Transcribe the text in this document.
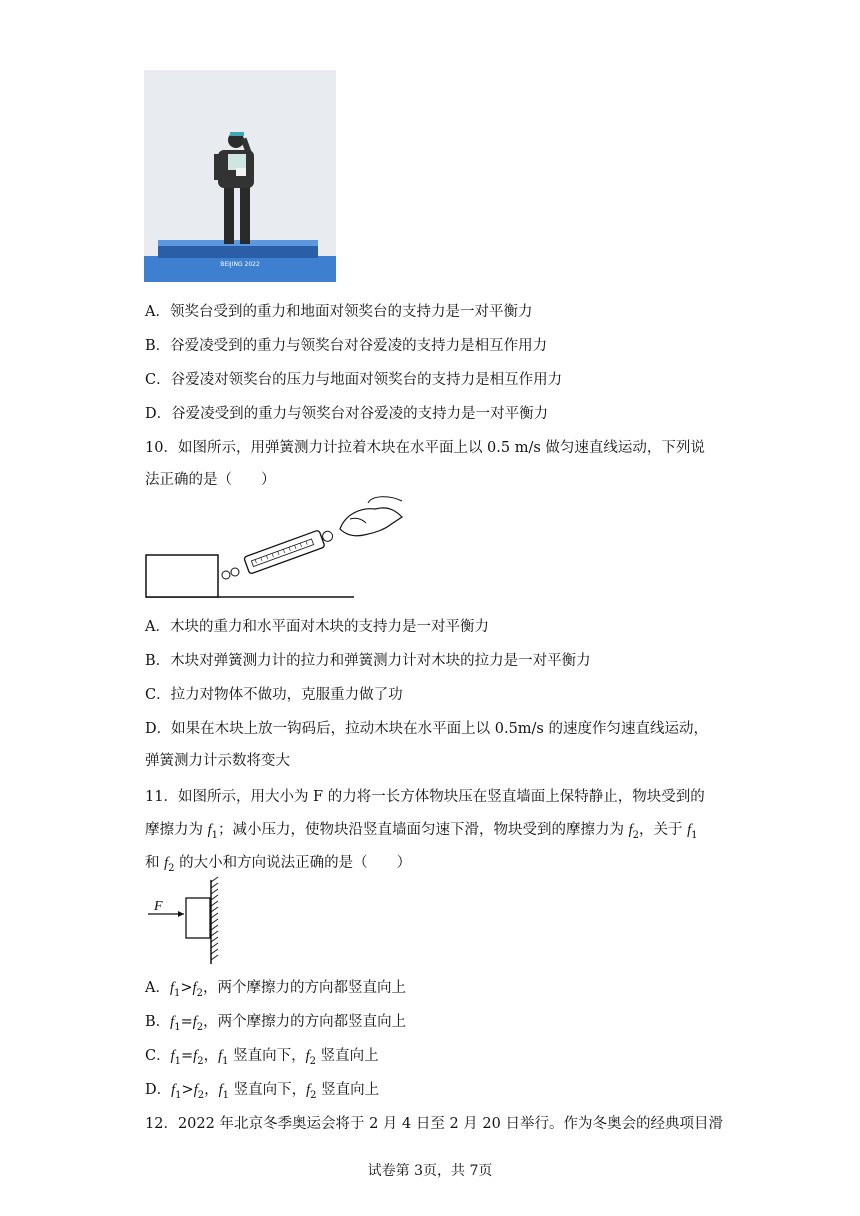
BEIJING 2022
A．领奖台受到的重力和地面对领奖台的支持力是一对平衡力
B．谷爱凌受到的重力与领奖台对谷爱凌的支持力是相互作用力
C．谷爱凌对领奖台的压力与地面对领奖台的支持力是相互作用力
D．谷爱凌受到的重力与领奖台对谷爱凌的支持力是一对平衡力
10．如图所示，用弹簧测力计拉着木块在水平面上以 0.5 m/s 做匀速直线运动，下列说
法正确的是（　　）
A．木块的重力和水平面对木块的支持力是一对平衡力
B．木块对弹簧测力计的拉力和弹簧测力计对木块的拉力是一对平衡力
C．拉力对物体不做功，克服重力做了功
D．如果在木块上放一钩码后，拉动木块在水平面上以 0.5m/s 的速度作匀速直线运动，
弹簧测力计示数将变大
11．如图所示，用大小为 F 的力将一长方体物块压在竖直墙面上保特静止，物块受到的
摩擦力为 $f_1$；减小压力，使物块沿竖直墙面匀速下滑，物块受到的摩擦力为 $f_2$，关于 $f_1$
和 $f_2$ 的大小和方向说法正确的是（　　）
F
A．$f_1>f_2$，两个摩擦力的方向都竖直向上
B．$f_1=f_2$，两个摩擦力的方向都竖直向上
C．$f_1=f_2$，$f_1$ 竖直向下，$f_2$ 竖直向上
D．$f_1>f_2$，$f_1$ 竖直向下，$f_2$ 竖直向上
12．2022 年北京冬季奥运会将于 2 月 4 日至 2 月 20 日举行。作为冬奥会的经典项目滑
试卷第 3页，共 7页
